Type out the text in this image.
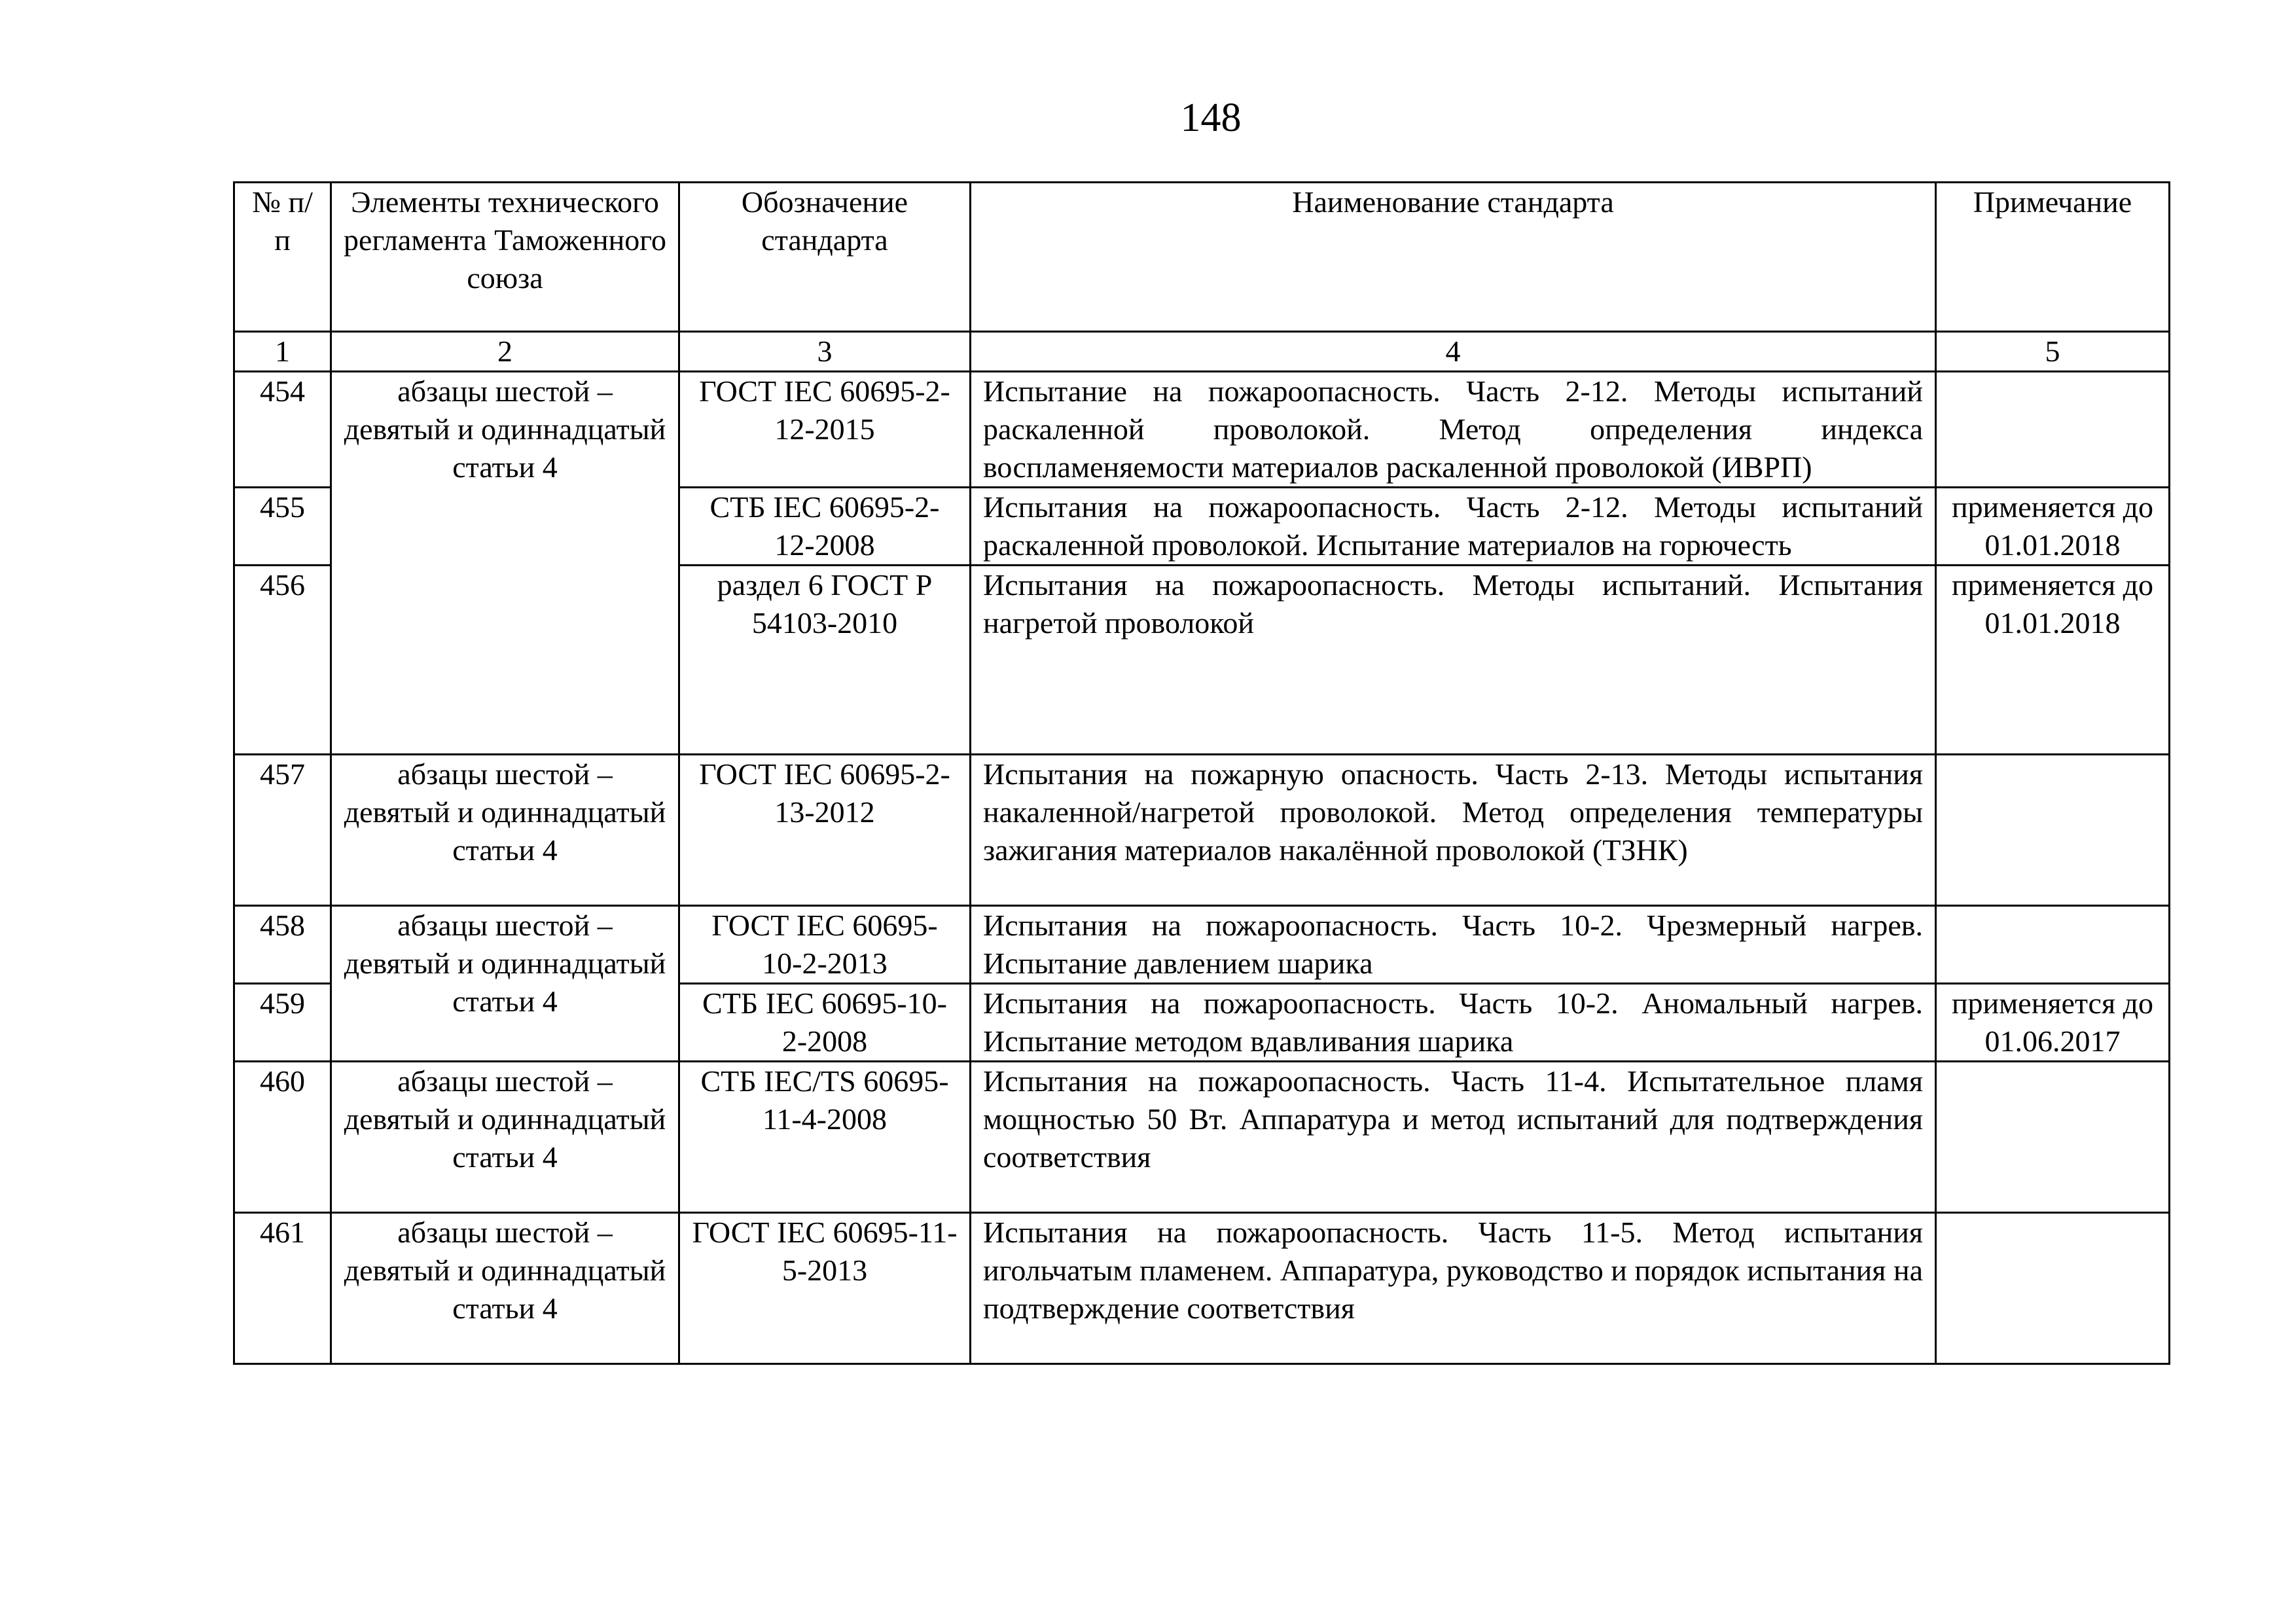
148
№ п/п	Элементы технического регламента Таможенного союза	Обозначение стандарта	Наименование стандарта	Примечание
1	2	3	4	5
454	абзацы шестой – девятый и одиннадцатый статьи 4	ГОСТ IEC 60695-2-12-2015	Испытание на пожароопасность. Часть 2-12. Методы испытаний раскаленной проволокой. Метод определения индекса воспламеняемости материалов раскаленной проволокой (ИВРП)	
455		СТБ IEC 60695-2-12-2008	Испытания на пожароопасность. Часть 2-12. Методы испытаний раскаленной проволокой. Испытание материалов на горючесть	применяется до 01.01.2018
456		раздел 6 ГОСТ Р 54103-2010	Испытания на пожароопасность. Методы испытаний. Испытания нагретой проволокой	применяется до 01.01.2018
457	абзацы шестой – девятый и одиннадцатый статьи 4	ГОСТ IEC 60695-2-13-2012	Испытания на пожарную опасность. Часть 2-13. Методы испытания накаленной/нагретой проволокой. Метод определения температуры зажигания материалов накалённой проволокой (ТЗНК)	
458	абзацы шестой – девятый и одиннадцатый статьи 4	ГОСТ IEC 60695-10-2-2013	Испытания на пожароопасность. Часть 10-2. Чрезмерный нагрев. Испытание давлением шарика	
459		СТБ IEC 60695-10-2-2008	Испытания на пожароопасность. Часть 10-2. Аномальный нагрев. Испытание методом вдавливания шарика	применяется до 01.06.2017
460	абзацы шестой – девятый и одиннадцатый статьи 4	СТБ IEC/TS 60695-11-4-2008	Испытания на пожароопасность. Часть 11-4. Испытательное пламя мощностью 50 Вт. Аппаратура и метод испытаний для подтверждения соответствия	
461	абзацы шестой – девятый и одиннадцатый статьи 4	ГОСТ IEC 60695-11-5-2013	Испытания на пожароопасность. Часть 11-5. Метод испытания игольчатым пламенем. Аппаратура, руководство и порядок испытания на подтверждение соответствия	
